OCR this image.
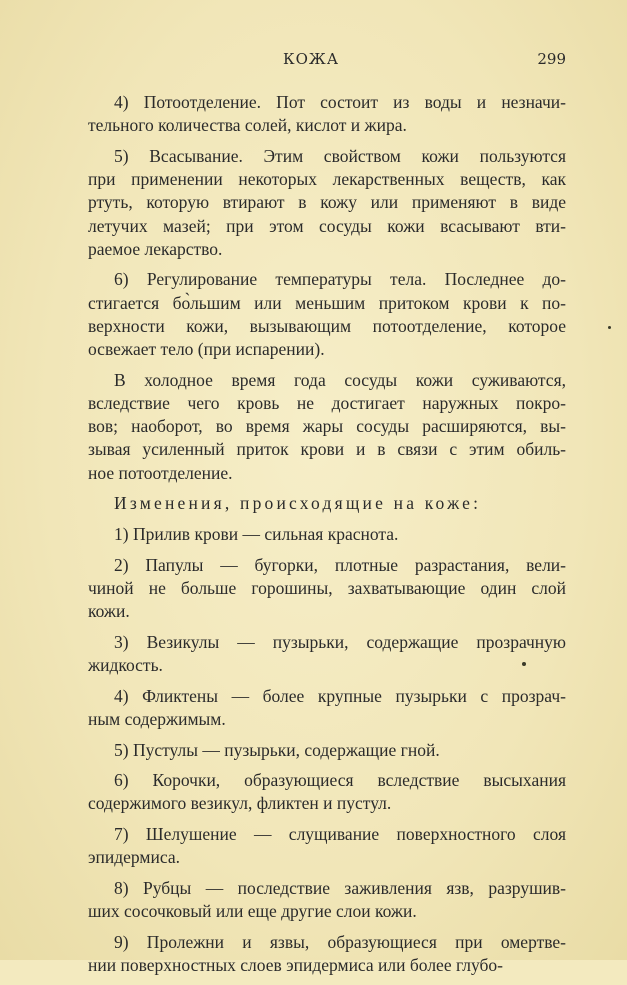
КОЖА	299
4) Потоотделение. Пот состоит из воды и незначи-
тельного количества солей, кислот и жира.
5) Всасывание. Этим свойством кожи пользуются
при применении некоторых лекарственных веществ, как
ртуть, которую втирают в кожу или применяют в виде
летучих мазей; при этом сосуды кожи всасывают вти-
раемое лекарство.
6) Регулирование температуры тела. Последнее до-
стигается бо̀льшим или меньшим притоком крови к по-
верхности кожи, вызывающим потоотделение, которое
освежает тело (при испарении).
В холодное время года сосуды кожи суживаются,
вследствие чего кровь не достигает наружных покро-
вов; наоборот, во время жары сосуды расширяются, вы-
зывая усиленный приток крови и в связи с этим обиль-
ное потоотделение.
Изменения, происходящие на коже:
1) Прилив крови — сильная краснота.
2) Папулы — бугорки, плотные разрастания, вели-
чиной не больше горошины, захватывающие один слой
кожи.
3) Везикулы — пузырьки, содержащие прозрачную
жидкость.
4) Фликтены — более крупные пузырьки с прозрач-
ным содержимым.
5) Пустулы — пузырьки, содержащие гной.
6) Корочки, образующиеся вследствие высыхания
содержимого везикул, фликтен и пустул.
7) Шелушение — слущивание поверхностного слоя
эпидермиса.
8) Рубцы — последствие заживления язв, разрушив-
ших сосочковый или еще другие слои кожи.
9) Пролежни и язвы, образующиеся при омертве-
нии поверхностных слоев эпидермиса или более глубо-
